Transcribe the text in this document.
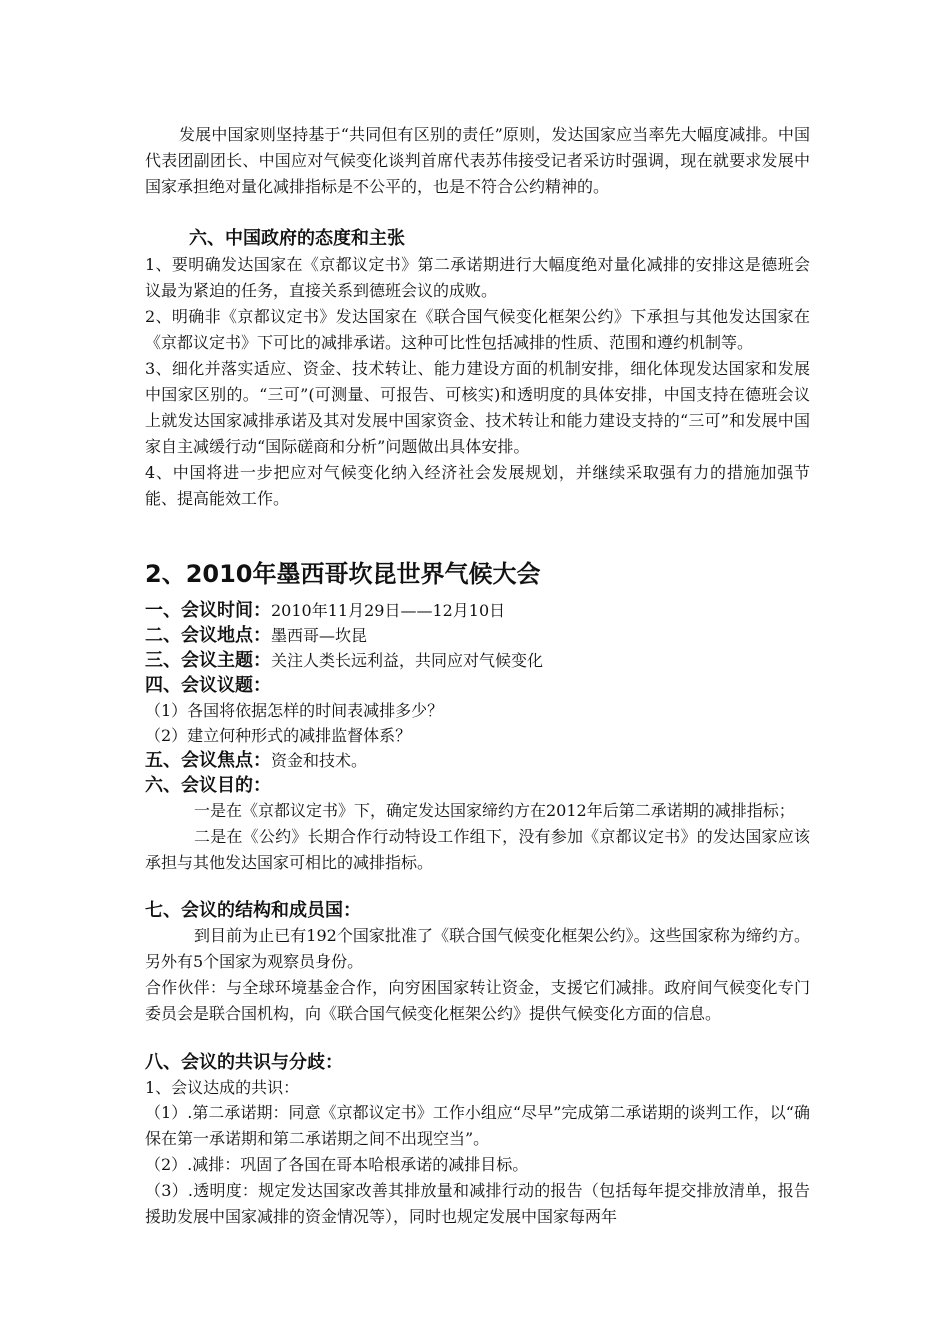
发展中国家则坚持基于“共同但有区别的责任”原则，发达国家应当率先大幅度减排。中国代表团副团长、中国应对气候变化谈判首席代表苏伟接受记者采访时强调，现在就要求发展中国家承担绝对量化减排指标是不公平的，也是不符合公约精神的。

六、中国政府的态度和主张

1、要明确发达国家在《京都议定书》第二承诺期进行大幅度绝对量化减排的安排这是德班会议最为紧迫的任务，直接关系到德班会议的成败。

2、明确非《京都议定书》发达国家在《联合国气候变化框架公约》下承担与其他发达国家在《京都议定书》下可比的减排承诺。这种可比性包括减排的性质、范围和遵约机制等。

3、细化并落实适应、资金、技术转让、能力建设方面的机制安排，细化体现发达国家和发展中国家区别的。“三可”(可测量、可报告、可核实)和透明度的具体安排，中国支持在德班会议上就发达国家减排承诺及其对发展中国家资金、技术转让和能力建设支持的“三可”和发展中国家自主减缓行动“国际磋商和分析”问题做出具体安排。

4、中国将进一步把应对气候变化纳入经济社会发展规划，并继续采取强有力的措施加强节能、提高能效工作。

2、2010年墨西哥坎昆世界气候大会

一、会议时间：2010年11月29日——12月10日

二、会议地点：墨西哥—坎昆

三、会议主题：关注人类长远利益，共同应对气候变化

四、会议议题：

（1）各国将依据怎样的时间表减排多少？

（2）建立何种形式的减排监督体系？

五、会议焦点：资金和技术。

六、会议目的：

一是在《京都议定书》下，确定发达国家缔约方在2012年后第二承诺期的减排指标；

二是在《公约》长期合作行动特设工作组下，没有参加《京都议定书》的发达国家应该承担与其他发达国家可相比的减排指标。

七、会议的结构和成员国：

到目前为止已有192个国家批准了《联合国气候变化框架公约》。这些国家称为缔约方。另外有5个国家为观察员身份。

合作伙伴：与全球环境基金合作，向穷困国家转让资金，支援它们减排。政府间气候变化专门委员会是联合国机构，向《联合国气候变化框架公约》提供气候变化方面的信息。

八、会议的共识与分歧：

1、会议达成的共识：

（1）.第二承诺期：同意《京都议定书》工作小组应“尽早”完成第二承诺期的谈判工作，以“确保在第一承诺期和第二承诺期之间不出现空当”。

（2）.减排：巩固了各国在哥本哈根承诺的减排目标。

（3）.透明度：规定发达国家改善其排放量和减排行动的报告（包括每年提交排放清单，报告援助发展中国家减排的资金情况等），同时也规定发展中国家每两年
